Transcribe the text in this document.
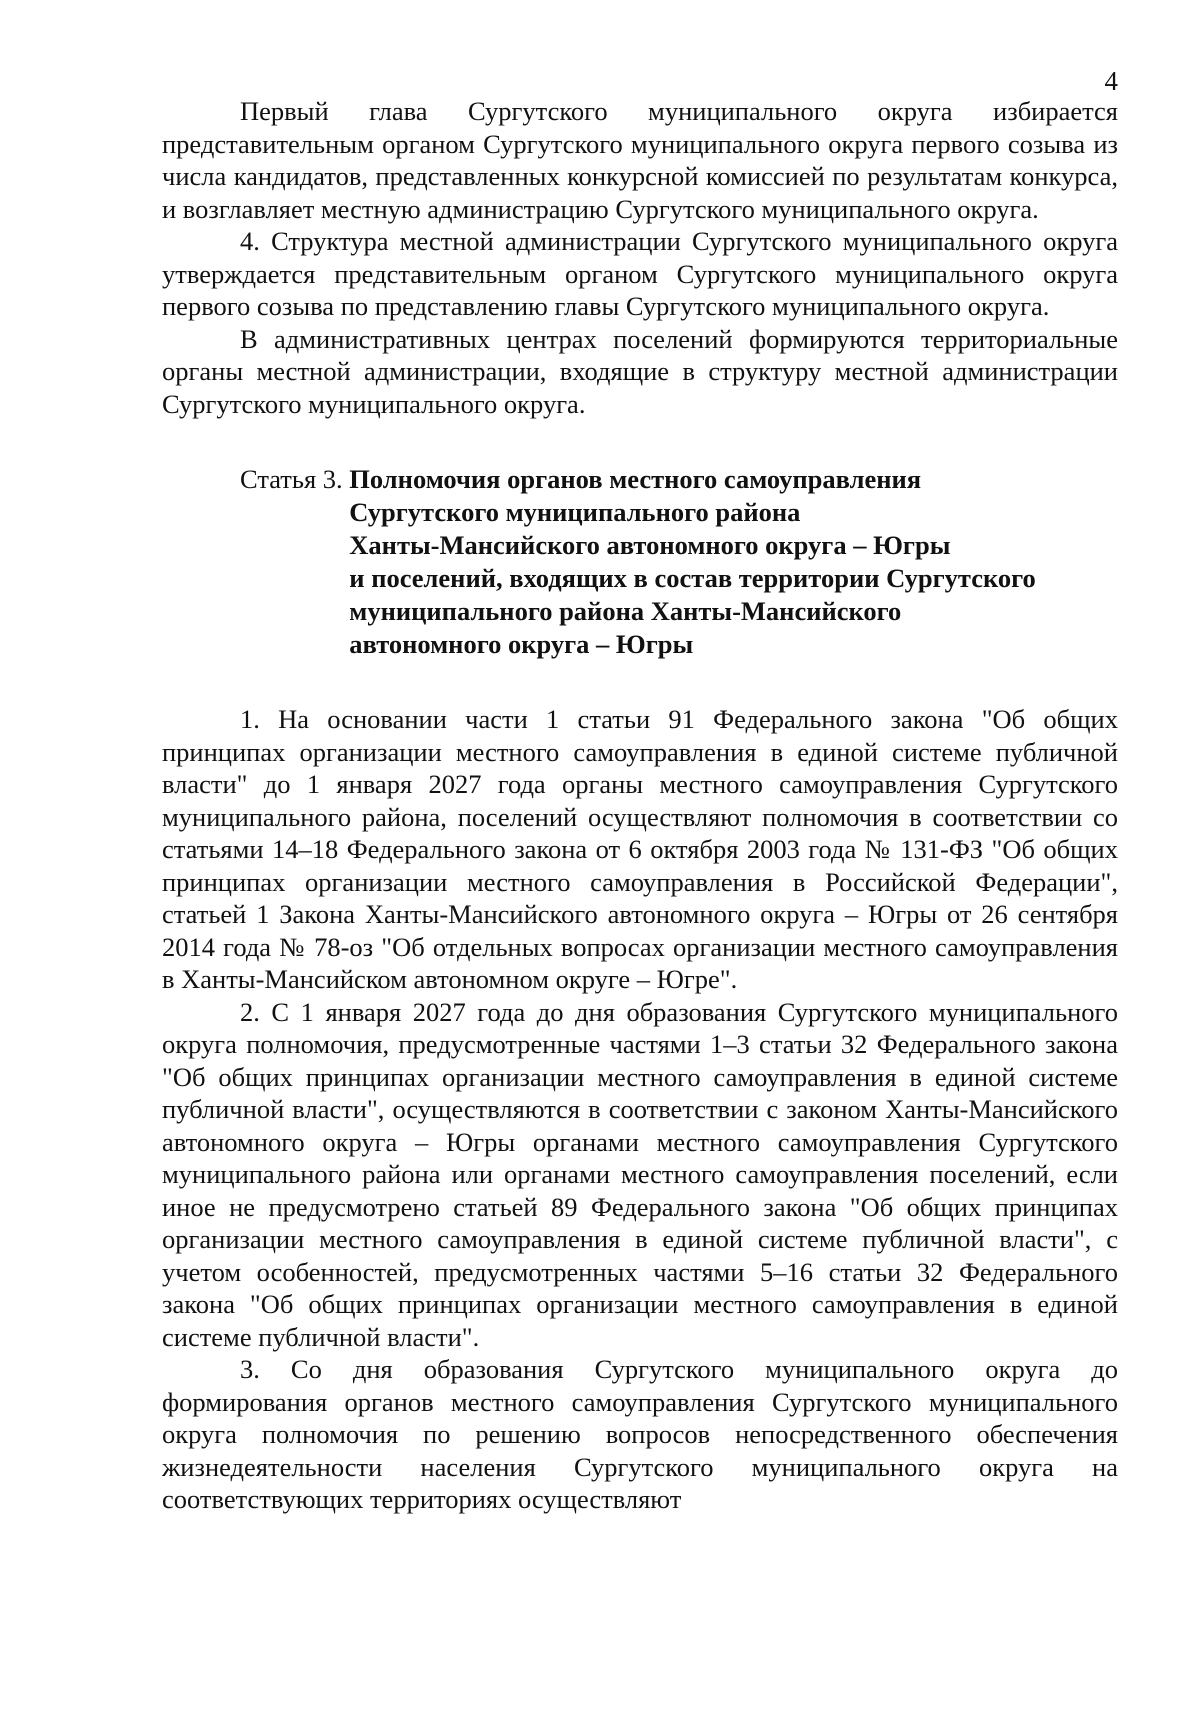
4

Первый глава Сургутского муниципального округа избирается представительным органом Сургутского муниципального округа первого созыва из числа кандидатов, представленных конкурсной комиссией по результатам конкурса, и возглавляет местную администрацию Сургутского муниципального округа.

4. Структура местной администрации Сургутского муниципального округа утверждается представительным органом Сургутского муниципального округа первого созыва по представлению главы Сургутского муниципального округа.

В административных центрах поселений формируются территориальные органы местной администрации, входящие в структуру местной администрации Сургутского муниципального округа.

Статья 3. Полномочия органов местного самоуправления
Сургутского муниципального района
Ханты-Мансийского автономного округа – Югры
и поселений, входящих в состав территории Сургутского
муниципального района Ханты-Мансийского
автономного округа – Югры

1. На основании части 1 статьи 91 Федерального закона "Об общих принципах организации местного самоуправления в единой системе публичной власти" до 1 января 2027 года органы местного самоуправления Сургутского муниципального района, поселений осуществляют полномочия в соответствии со статьями 14–18 Федерального закона от 6 октября 2003 года № 131-ФЗ "Об общих принципах организации местного самоуправления в Российской Федерации", статьей 1 Закона Ханты-Мансийского автономного округа – Югры от 26 сентября 2014 года № 78-оз "Об отдельных вопросах организации местного самоуправления в Ханты-Мансийском автономном округе – Югре".

2. С 1 января 2027 года до дня образования Сургутского муниципального округа полномочия, предусмотренные частями 1–3 статьи 32 Федерального закона "Об общих принципах организации местного самоуправления в единой системе публичной власти", осуществляются в соответствии с законом Ханты-Мансийского автономного округа – Югры органами местного самоуправления Сургутского муниципального района или органами местного самоуправления поселений, если иное не предусмотрено статьей 89 Федерального закона "Об общих принципах организации местного самоуправления в единой системе публичной власти", с учетом особенностей, предусмотренных частями 5–16 статьи 32 Федерального закона "Об общих принципах организации местного самоуправления в единой системе публичной власти".

3. Со дня образования Сургутского муниципального округа до формирования органов местного самоуправления Сургутского муниципального округа полномочия по решению вопросов непосредственного обеспечения жизнедеятельности населения Сургутского муниципального округа на соответствующих территориях осуществляют
